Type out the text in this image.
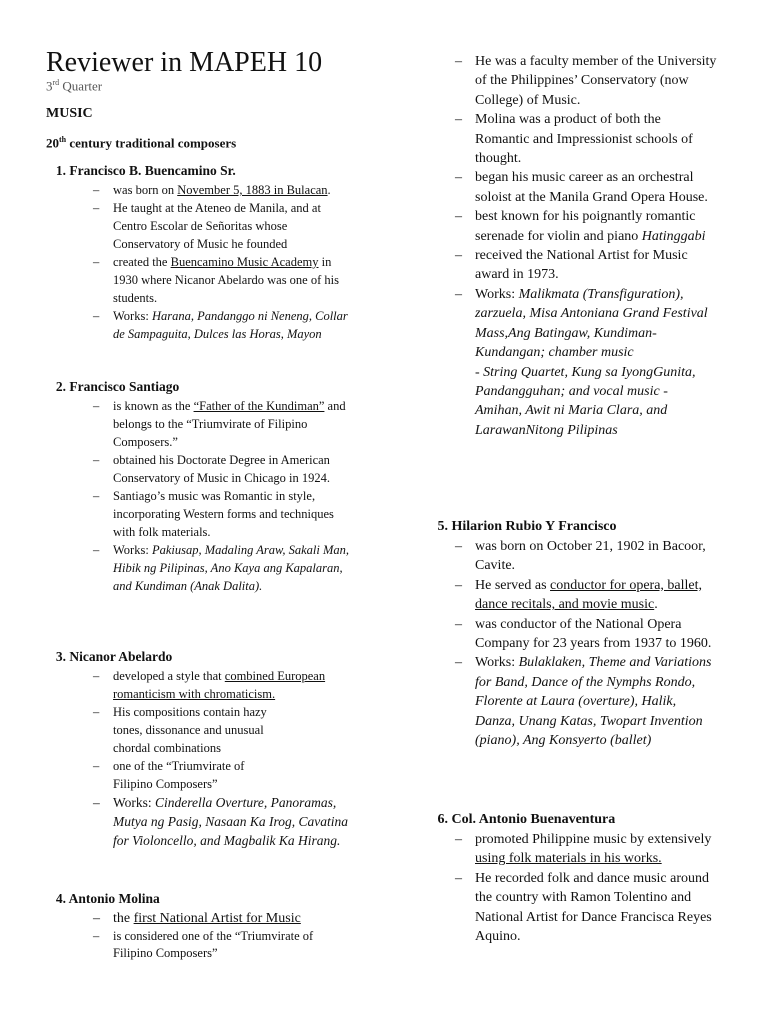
Reviewer in MAPEH 10
3rd Quarter
MUSIC
20th century traditional composers
1. Francisco B. Buencamino Sr.
– was born on November 5, 1883 in Bulacan.
– He taught at the Ateneo de Manila, and at Centro Escolar de Señoritas whose Conservatory of Music he founded
– created the Buencamino Music Academy in 1930 where Nicanor Abelardo was one of his students.
– Works: Harana, Pandanggo ni Neneng, Collar de Sampaguita, Dulces las Horas, Mayon
2. Francisco Santiago
– is known as the “Father of the Kundiman” and belongs to the “Triumvirate of Filipino Composers.”
– obtained his Doctorate Degree in American Conservatory of Music in Chicago in 1924.
– Santiago’s music was Romantic in style, incorporating Western forms and techniques with folk materials.
– Works: Pakiusap, Madaling Araw, Sakali Man, Hibik ng Pilipinas, Ano Kaya ang Kapalaran, and Kundiman (Anak Dalita).
3. Nicanor Abelardo
– developed a style that combined European romanticism with chromaticism.
– His compositions contain hazy tones, dissonance and unusual chordal combinations
– one of the “Triumvirate of Filipino Composers”
– Works: Cinderella Overture, Panoramas, Mutya ng Pasig, Nasaan Ka Irog, Cavatina for Violoncello, and Magbalik Ka Hirang.
4. Antonio Molina
– the first National Artist for Music
– is considered one of the “Triumvirate of Filipino Composers”
– He was a faculty member of the University of the Philippines’ Conservatory (now College) of Music.
– Molina was a product of both the Romantic and Impressionist schools of thought.
– began his music career as an orchestral soloist at the Manila Grand Opera House.
– best known for his poignantly romantic serenade for violin and piano Hatinggabi
– received the National Artist for Music award in 1973.
– Works: Malikmata (Transfiguration), zarzuela, Misa Antoniana Grand Festival Mass,Ang Batingaw, Kundiman-Kundangan; chamber music
- String Quartet, Kung sa IyongGunita, Pandangguhan; and vocal music - Amihan, Awit ni Maria Clara, and LarawanNitong Pilipinas
5. Hilarion Rubio Y Francisco
– was born on October 21, 1902 in Bacoor, Cavite.
– He served as conductor for opera, ballet, dance recitals, and movie music.
– was conductor of the National Opera Company for 23 years from 1937 to 1960.
– Works: Bulaklaken, Theme and Variations for Band, Dance of the Nymphs Rondo, Florente at Laura (overture), Halik, Danza, Unang Katas, Twopart Invention (piano), Ang Konsyerto (ballet)
6. Col. Antonio Buenaventura
– promoted Philippine music by extensively using folk materials in his works.
– He recorded folk and dance music around the country with Ramon Tolentino and National Artist for Dance Francisca Reyes Aquino.
